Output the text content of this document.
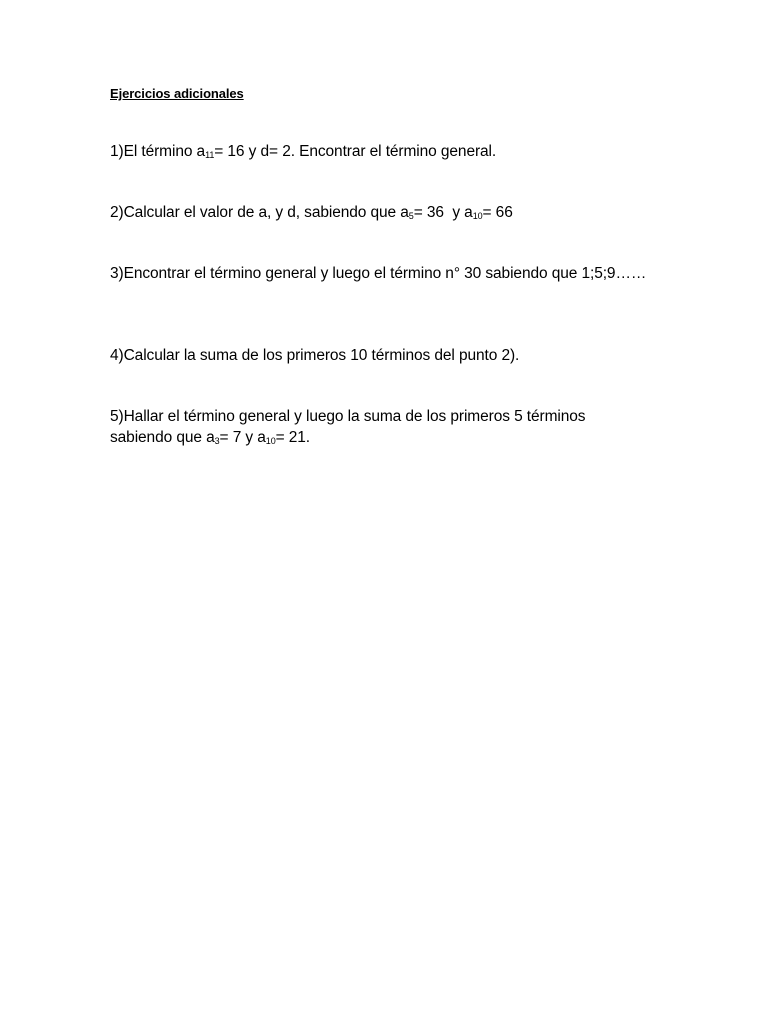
Ejercicios adicionales
1)El término $a_{11}= 16$ y d= 2. Encontrar el término general.
2)Calcular el valor de a, y d, sabiendo que $a_5= 36$  y $a_{10}= 66$
3)Encontrar el término general y luego el término n° 30 sabiendo que 1;5;9……
4)Calcular la suma de los primeros 10 términos del punto 2).
5)Hallar el término general y luego la suma de los primeros 5 términos sabiendo que $a_3= 7$ y $a_{10}= 21$.
